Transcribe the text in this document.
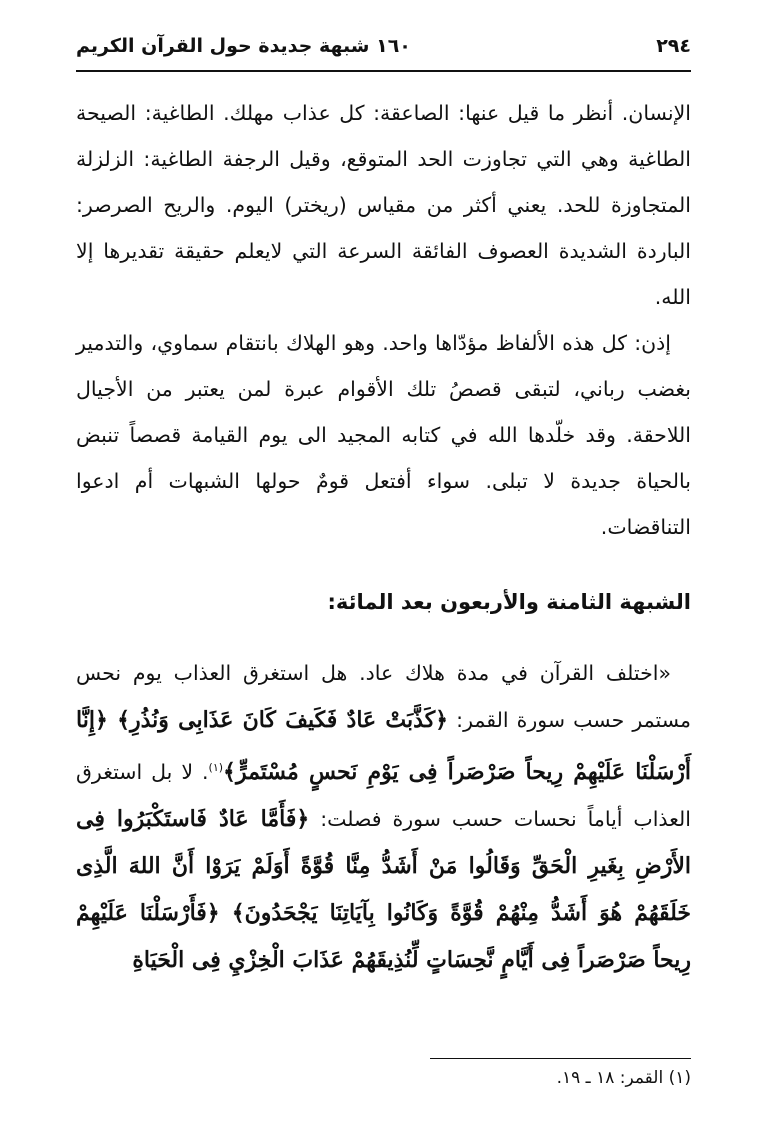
٢٩٤
١٦٠ شبهة جديدة حول القرآن الكريم

الإنسان. أنظر ما قيل عنها: الصاعقة: كل عذاب مهلك. الطاغية: الصيحة الطاغية وهي التي تجاوزت الحد المتوقع، وقيل الرجفة الطاغية: الزلزلة المتجاوزة للحد. يعني أكثر من مقياس (ريختر) اليوم. والريح الصرصر: الباردة الشديدة العصوف الفائقة السرعة التي لايعلم حقيقة تقديرها إلا الله.

إذن: كل هذه الألفاظ مؤدّاها واحد. وهو الهلاك بانتقام سماوي، والتدمير بغضب رباني، لتبقى قصصُ تلك الأقوام عبرة لمن يعتبر من الأجيال اللاحقة. وقد خلّدها الله في كتابه المجيد الى يوم القيامة قصصاً تنبض بالحياة جديدة لا تبلى. سواء أفتعل قومٌ حولها الشبهات أم ادعوا التناقضات.

الشبهة الثامنة والأربعون بعد المائة:
«اختلف القرآن في مدة هلاك عاد. هل استغرق العذاب يوم نحس مستمر حسب سورة القمر: ﴿كَذَّبَتْ عَادٌ فَكَيفَ كَانَ عَذَابِى وَنُذُرِ﴾ ﴿إِنَّا أَرْسَلْنَا عَلَيْهِمْ رِيحاً صَرْصَراً فِى يَوْمِ نَحسٍ مُسْتَمرٍّ﴾$^{(١)}$. لا بل استغرق العذاب أياماً نحسات حسب سورة فصلت: ﴿فَأَمَّا عَادٌ فَاستَكْبَرُوا فِى الأَرْضِ بِغَيرِ الْحَقِّ وَقَالُوا مَنْ أَشَدُّ مِنَّا قُوَّةً أَوَلَمْ يَرَوْا أَنَّ اللهَ الَّذِى خَلَقَهُمْ هُوَ أَشَدُّ مِنْهُمْ قُوَّةً وَكَانُوا بِآيَاتِنَا يَجْحَدُونَ﴾ ﴿فَأَرْسَلْنَا عَلَيْهِمْ رِيحاً صَرْصَراً فِى أَيَّامٍ نَّحِسَاتٍ لِّنُذِيقَهُمْ عَذَابَ الْخِزْيِ فِى الْحَيَاةِ
(١) القمر: ١٨ ـ ١٩.
